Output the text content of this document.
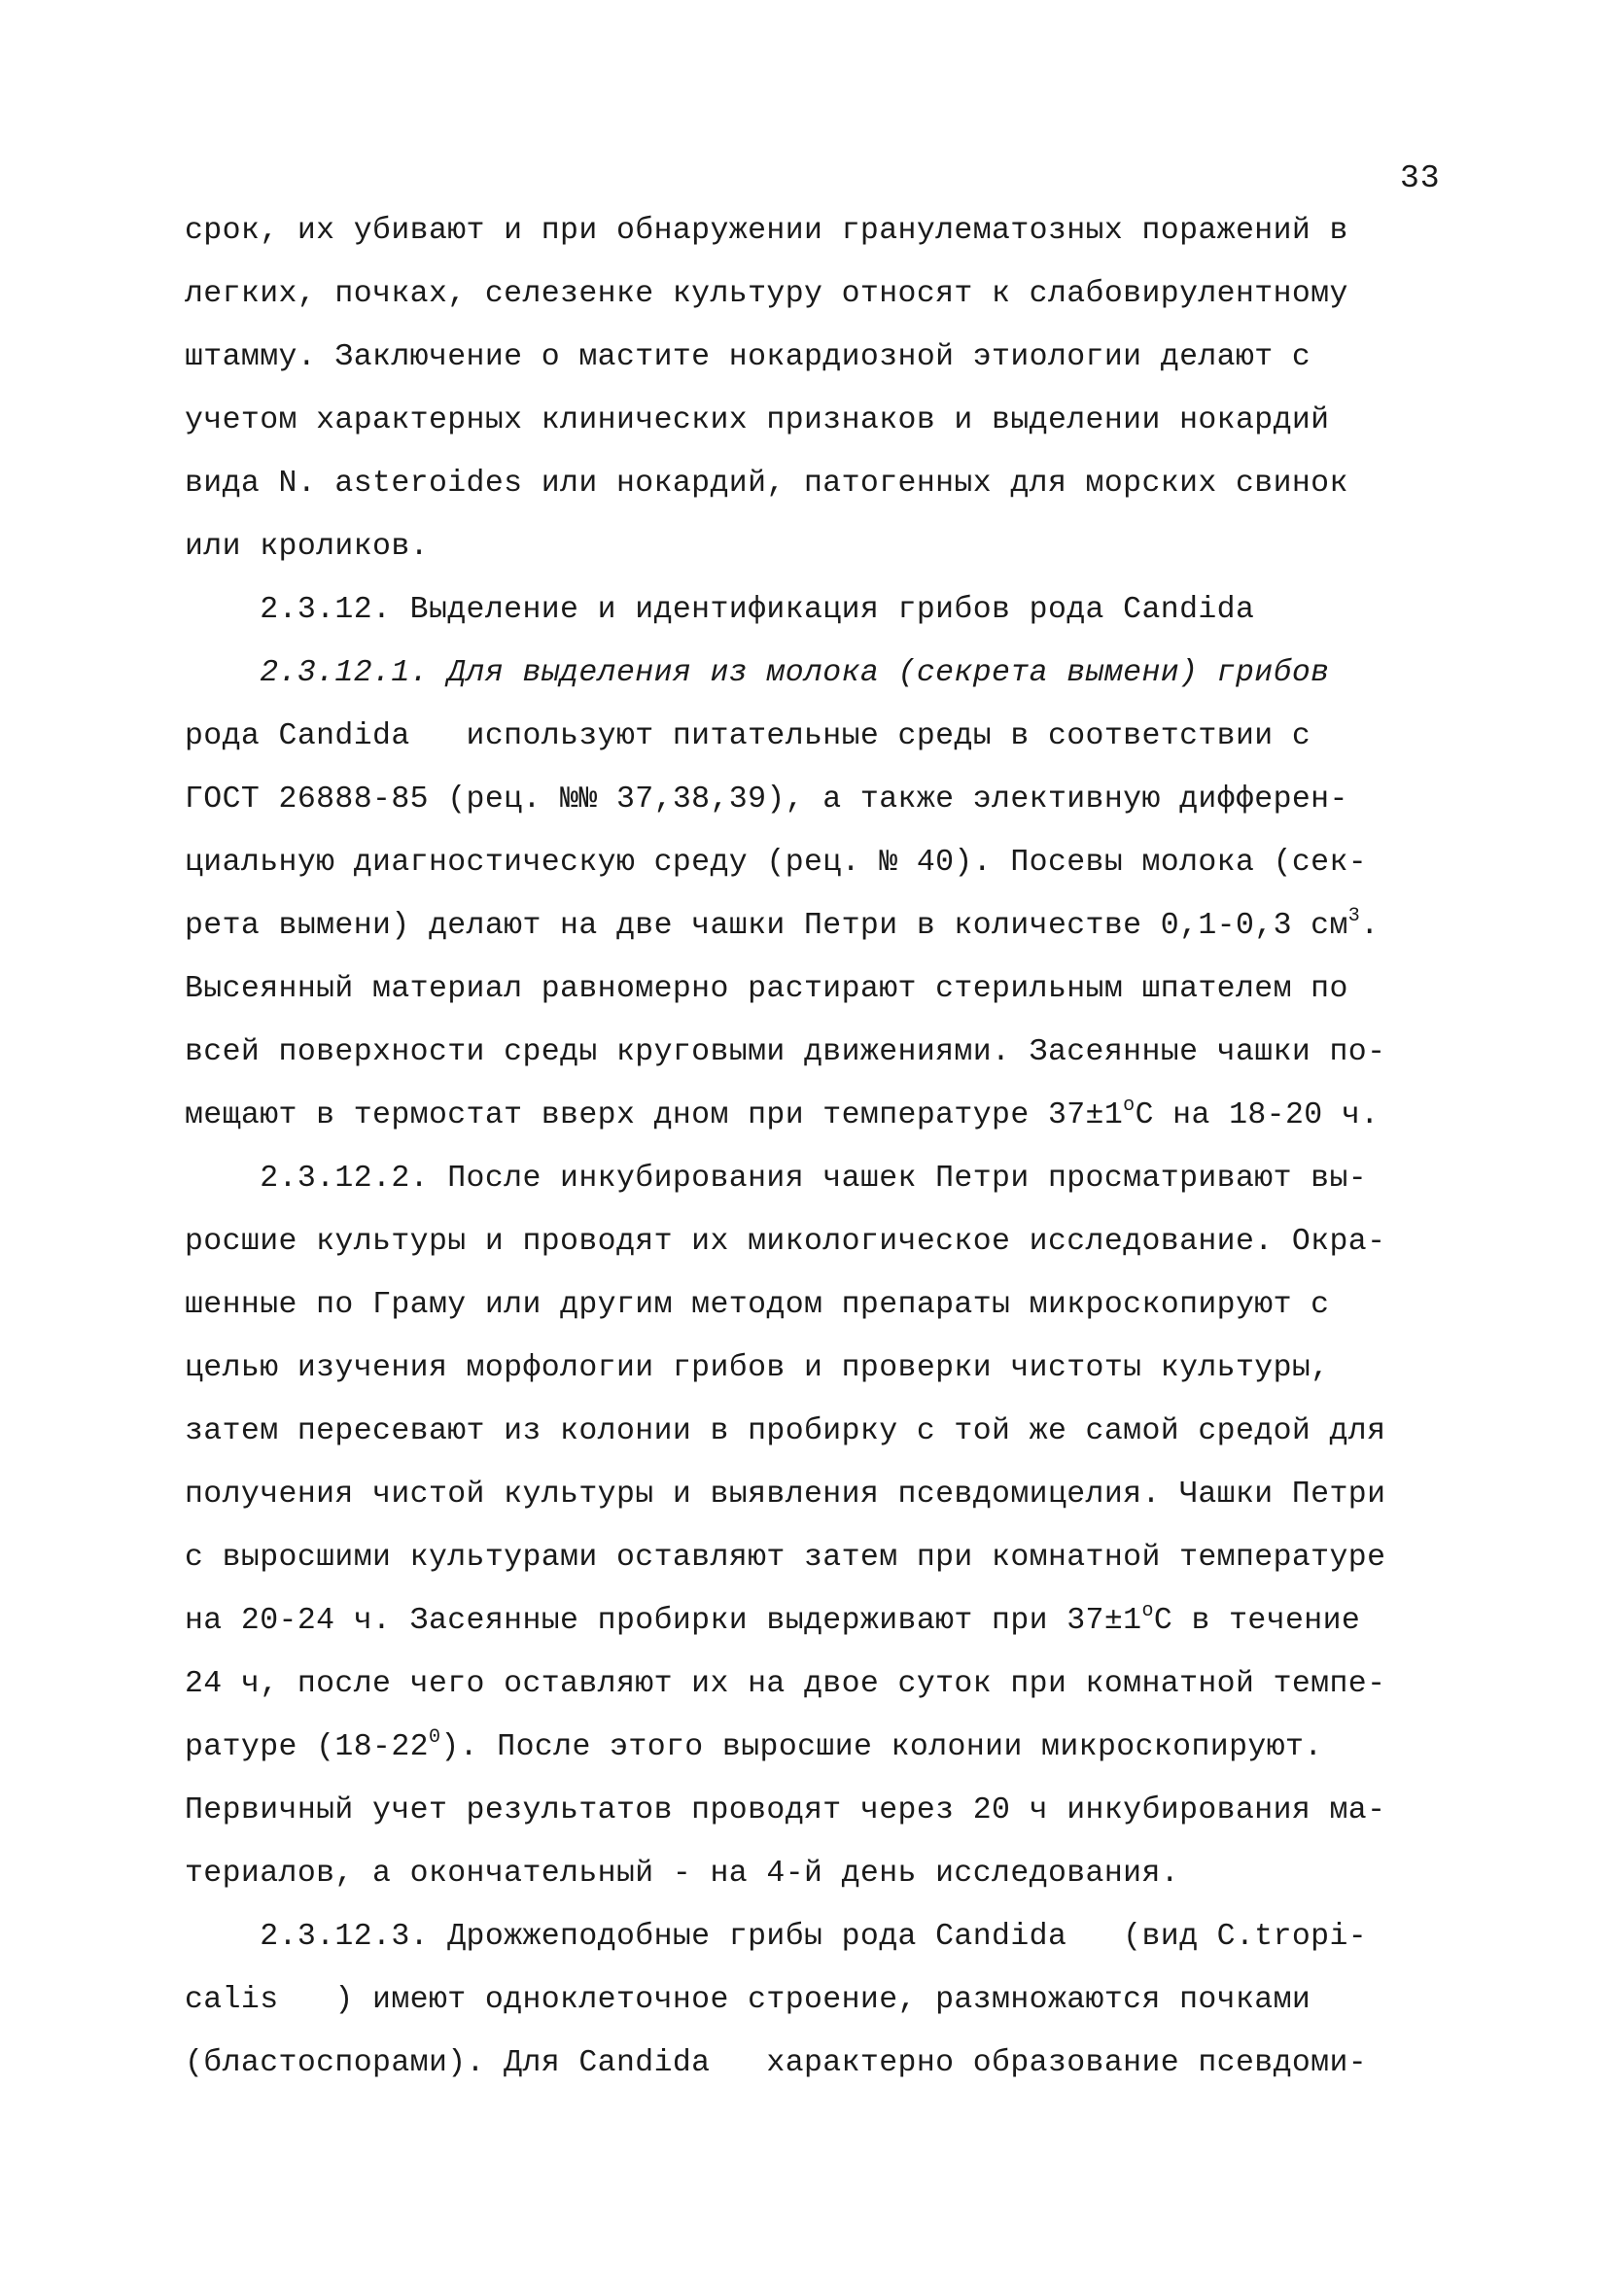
33
срок, их убивают и при обнаружении гранулематозных поражений в
легких, почках, селезенке культуру относят к слабовирулентному
штамму. Заключение о мастите нокардиозной этиологии делают с
учетом характерных клинических признаков и выделении нокардий
вида N. asteroides или нокардий, патогенных для морских свинок
или кроликов.
2.3.12. Выделение и идентификация грибов рода Candida
2.3.12.1. Для выделения из молока (секрета вымени) грибов
рода Candida   используют питательные среды в соответствии с
ГОСТ 26888-85 (рец. №№ 37,38,39), а также элективную дифферен-
циальную диагностическую среду (рец. № 40). Посевы молока (сек-
рета вымени) делают на две чашки Петри в количестве 0,1-0,3 $см^3$.
Высеянный материал равномерно растирают стерильным шпателем по
всей поверхности среды круговыми движениями. Засеянные чашки по-
мещают в термостат вверх дном при температуре $37\pm 1^oC$ на 18-20 ч.
2.3.12.2. После инкубирования чашек Петри просматривают вы-
росшие культуры и проводят их микологическое исследование. Окра-
шенные по Граму или другим методом препараты микроскопируют с
целью изучения морфологии грибов и проверки чистоты культуры,
затем пересевают из колонии в пробирку с той же самой средой для
получения чистой культуры и выявления псевдомицелия. Чашки Петри
с выросшими культурами оставляют затем при комнатной температуре
на 20-24 ч. Засеянные пробирки выдерживают при $37\pm 1^oC$ в течение
24 ч, после чего оставляют их на двое суток при комнатной темпе-
ратуре $(18-22^0)$. После этого выросшие колонии микроскопируют.
Первичный учет результатов проводят через 20 ч инкубирования ма-
териалов, а окончательный - на 4-й день исследования.
2.3.12.3. Дрожжеподобные грибы рода Candida   (вид C.tropi-
calis   ) имеют одноклеточное строение, размножаются почками
(бластоспорами). Для Candida   характерно образование псевдоми-
